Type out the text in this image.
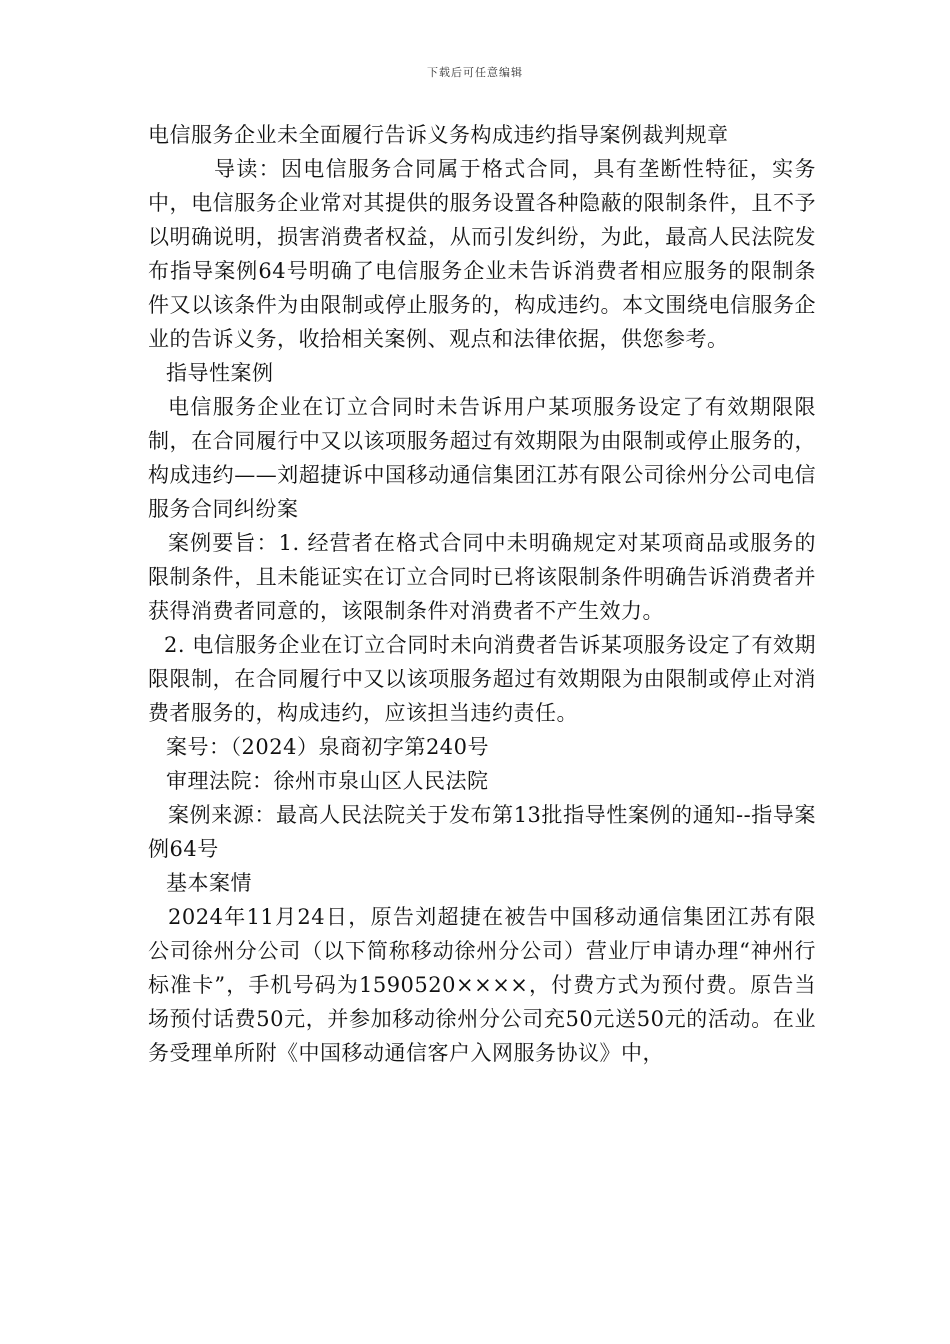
下载后可任意编辑

电信服务企业未全面履行告诉义务构成违约指导案例裁判规章

导读：因电信服务合同属于格式合同，具有垄断性特征，实务中，电信服务企业常对其提供的服务设置各种隐蔽的限制条件，且不予以明确说明，损害消费者权益，从而引发纠纷，为此，最高人民法院发布指导案例64号明确了电信服务企业未告诉消费者相应服务的限制条件又以该条件为由限制或停止服务的，构成违约。本文围绕电信服务企业的告诉义务，收拾相关案例、观点和法律依据，供您参考。

指导性案例

电信服务企业在订立合同时未告诉用户某项服务设定了有效期限限制，在合同履行中又以该项服务超过有效期限为由限制或停止服务的，构成违约——刘超捷诉中国移动通信集团江苏有限公司徐州分公司电信服务合同纠纷案

案例要旨：1. 经营者在格式合同中未明确规定对某项商品或服务的限制条件，且未能证实在订立合同时已将该限制条件明确告诉消费者并获得消费者同意的，该限制条件对消费者不产生效力。

2. 电信服务企业在订立合同时未向消费者告诉某项服务设定了有效期限限制，在合同履行中又以该项服务超过有效期限为由限制或停止对消费者服务的，构成违约，应该担当违约责任。

案号：（2024）泉商初字第240号

审理法院：徐州市泉山区人民法院

案例来源：最高人民法院关于发布第13批指导性案例的通知--指导案例64号

基本案情

2024年11月24日，原告刘超捷在被告中国移动通信集团江苏有限公司徐州分公司（以下简称移动徐州分公司）营业厅申请办理“神州行标准卡”，手机号码为1590520××××，付费方式为预付费。原告当场预付话费50元，并参加移动徐州分公司充50元送50元的活动。在业务受理单所附《中国移动通信客户入网服务协议》中，
